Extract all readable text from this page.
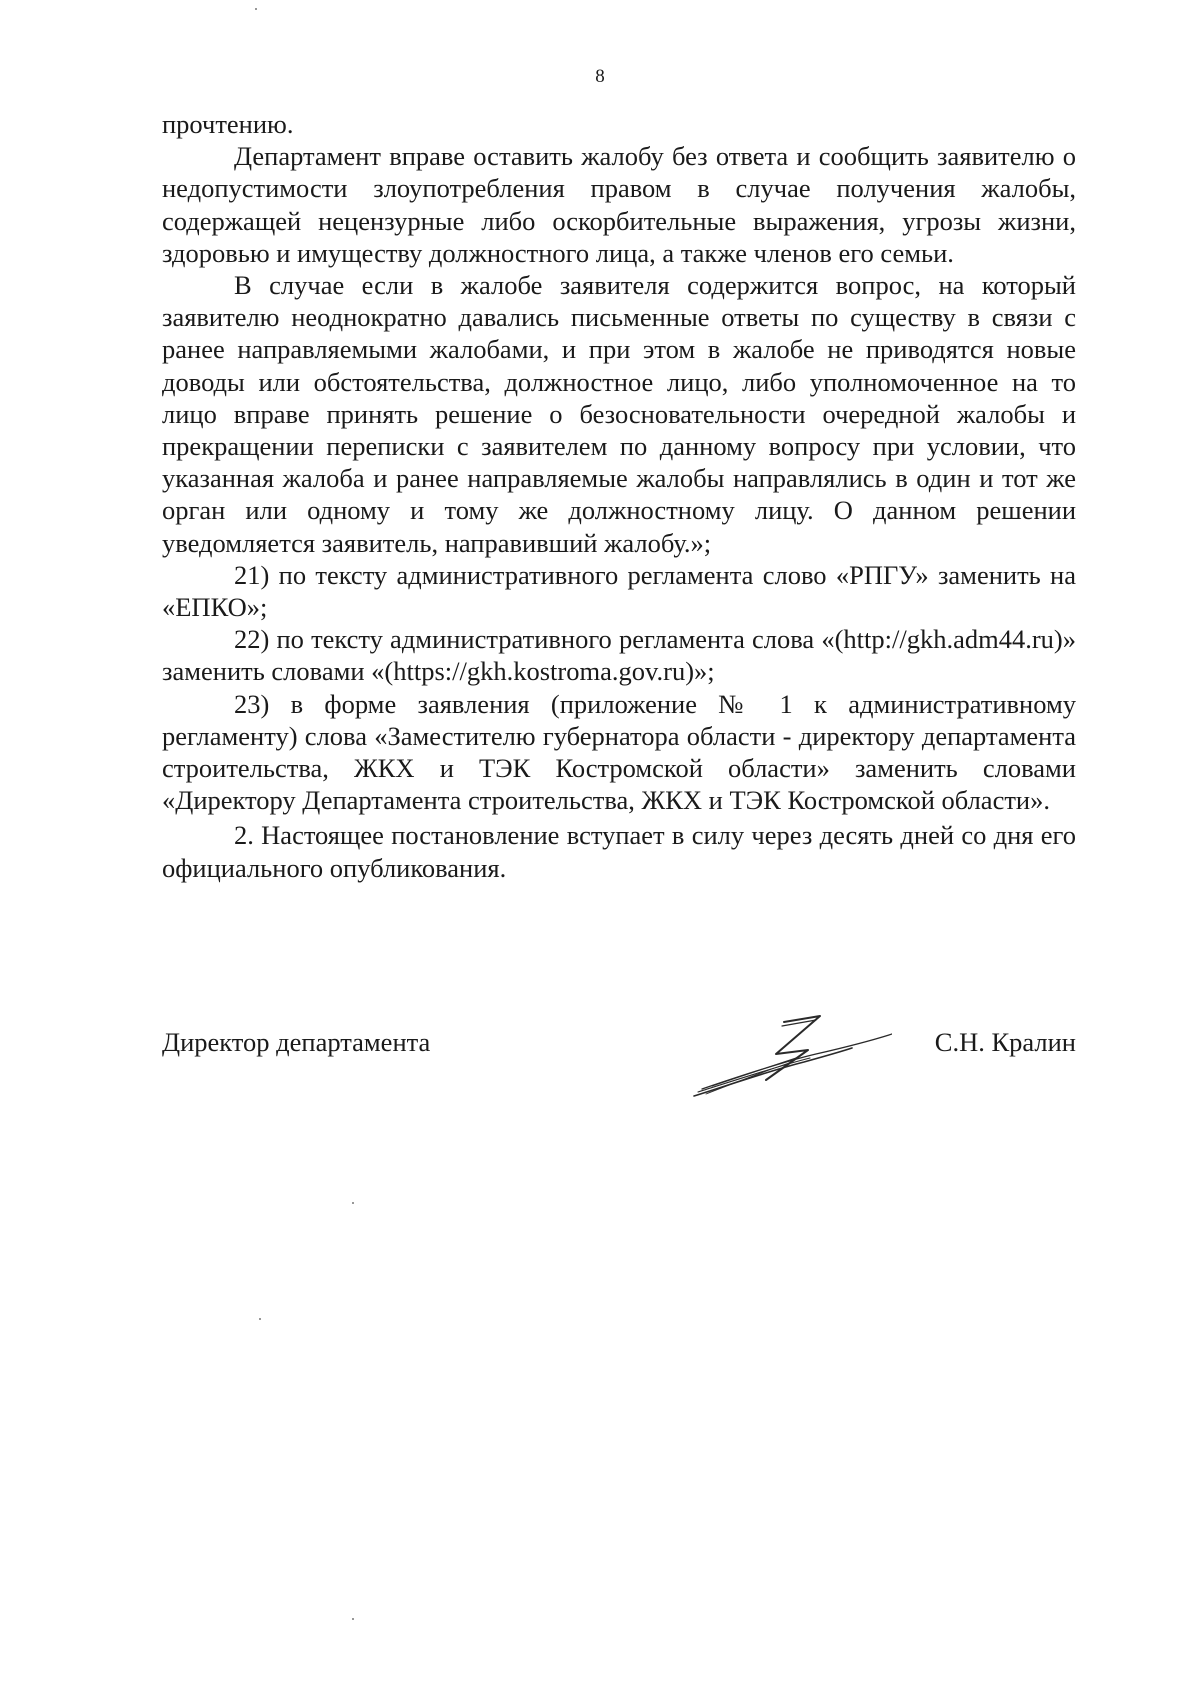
8

прочтению.

Департамент вправе оставить жалобу без ответа и сообщить заявителю о недопустимости злоупотребления правом в случае получения жалобы, содержащей нецензурные либо оскорбительные выражения, угрозы жизни, здоровью и имуществу должностного лица, а также членов его семьи.

В случае если в жалобе заявителя содержится вопрос, на который заявителю неоднократно давались письменные ответы по существу в связи с ранее направляемыми жалобами, и при этом в жалобе не приводятся новые доводы или обстоятельства, должностное лицо, либо уполномоченное на то лицо вправе принять решение о безосновательности очередной жалобы и прекращении переписки с заявителем по данному вопросу при условии, что указанная жалоба и ранее направляемые жалобы направлялись в один и тот же орган или одному и тому же должностному лицу. О данном решении уведомляется заявитель, направивший жалобу.»;

21) по тексту административного регламента слово «РПГУ» заменить на «ЕПКО»;

22) по тексту административного регламента слова «(http://gkh.adm44.ru)» заменить словами «(https://gkh.kostroma.gov.ru)»;

23) в форме заявления (приложение № 1 к административному регламенту) слова «Заместителю губернатора области - директору департамента строительства, ЖКХ и ТЭК Костромской области» заменить словами «Директору Департамента строительства, ЖКХ и ТЭК Костромской области».

2. Настоящее постановление вступает в силу через десять дней со дня его официального опубликования.

Директор департамента	С.Н. Кралин
